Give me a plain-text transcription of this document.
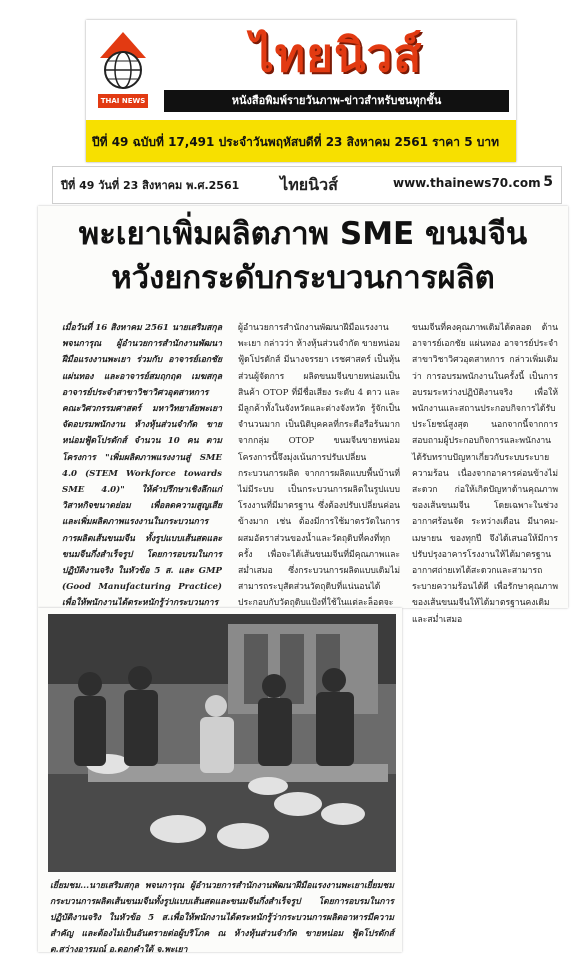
THAI NEWS
ไทยนิวส์
หนังสือพิมพ์รายวันภาพ-ข่าวสำหรับชนทุกชั้น
ปีที่ 49 ฉบับที่ 17,491 ประจำวันพฤหัสบดีที่ 23 สิงหาคม 2561 ราคา 5 บาท
ปีที่ 49 วันที่ 23 สิงหาคม พ.ศ.2561	ไทยนิวส์	www.thainews70.com 5
พะเยาเพิ่มผลิตภาพ SME ขนมจีน
หวังยกระดับกระบวนการผลิต
เมื่อวันที่ 16 สิงหาคม 2561 นายเสริมสกุล พจนการุณ ผู้อำนวยการสำนักงานพัฒนาฝีมือแรงงานพะเยา ร่วมกับ อาจารย์เอกชัย แผ่นทอง และอาจารย์สมฤกฤต เมฆสกุล อาจารย์ประจำสาขาวิชาวิศวอุตสาหการ คณะวิศวกรรมศาสตร์ มหาวิทยาลัยพะเยา จัดอบรมพนักงาน ห้างหุ้นส่วนจำกัด ขายหน่อมฟู้ดโปรดักส์ จำนวน 10 คน ตามโครงการ "เพิ่มผลิตภาพแรงงานสู่ SME 4.0 (STEM Workforce towards SME 4.0)" ให้คำปรึกษาเชิงลึกแก่วิสาหกิจขนาดย่อม เพื่อลดความสูญเสีย และเพิ่มผลิตภาพแรงงานในกระบวนการการผลิตเส้นขนมจีน ทั้งรูปแบบเส้นสดและขนมจีนกึ่งสำเร็จรูป โดยการอบรมในการปฏิบัติงานจริง ในหัวข้อ 5 ส. และ GMP (Good Manufacturing Practice) เพื่อให้พนักงานได้ตระหนักรู้ว่ากระบวนการ
ผู้อำนวยการสำนักงานพัฒนาฝีมือแรงงานพะเยา กล่าวว่า ห้างหุ้นส่วนจำกัด ขายหน่อมฟู้ดโปรดักส์ มีนางจรรยา เรชศาสตร์ เป็นหุ้นส่วนผู้จัดการ ผลิตขนมจีนขายหน่อมเป็นสินค้า OTOP ที่มีชื่อเสียง ระดับ 4 ดาว และมีลูกค้าทั้งในจังหวัดและต่างจังหวัด รู้จักเป็นจำนวนมาก เป็นนิติบุคคลที่กระตือรือร้นมากจากกลุ่ม OTOP ขนมจีนขายหน่อม โครงการนี้จึงมุ่งเน้นการปรับเปลี่ยนกระบวนการผลิต จากการผลิตแบบพื้นบ้านที่ไม่มีระบบ เป็นกระบวนการผลิตในรูปแบบโรงงานที่มีมาตรฐาน ซึ่งต้องปรับเปลี่ยนค่อนข้างมาก เช่น ต้องมีการใช้มาตรวัดในการผสมอัตราส่วนของน้ำและวัตถุดิบที่คงที่ทุกครั้ง เพื่อจะได้เส้นขนมจีนที่มีคุณภาพและสม่ำเสมอ ซึ่งกระบวนการผลิตแบบเดิมไม่สามารถระบุสัดส่วนวัตถุดิบที่แน่นอนได้ ประกอบกับวัตถุดิบแป้งที่ใช้ในแต่ละล็อตจะ
ขนมจีนที่คงคุณภาพเดิมได้ตลอด ด้าน อาจารย์เอกชัย แผ่นทอง อาจารย์ประจำสาขาวิชาวิศวอุตสาหการ กล่าวเพิ่มเติมว่า การอบรมพนักงานในครั้งนี้ เป็นการอบรมระหว่างปฏิบัติงานจริง เพื่อให้พนักงานและสถานประกอบกิจการได้รับประโยชน์สูงสุด นอกจากนี้จากการสอบถามผู้ประกอบกิจการและพนักงาน ได้รับทราบปัญหาเกี่ยวกับระบบระบายความร้อน เนื่องจากอาคารค่อนข้างไม่สะดวก ก่อให้เกิดปัญหาด้านคุณภาพของเส้นขนมจีน โดยเฉพาะในช่วงอากาศร้อนจัด ระหว่างเดือน มีนาคม-เมษายน ของทุกปี จึงได้เสนอให้มีการปรับปรุงอาคารโรงงานให้ได้มาตรฐาน อากาศถ่ายเทได้สะดวกและสามารถระบายความร้อนได้ดี เพื่อรักษาคุณภาพของเส้นขนมจีนให้ได้มาตรฐานคงเดิม และสม่ำเสมอ
เยี่ยมชม...นายเสริมสกุล พจนการุณ ผู้อำนวยการสำนักงานพัฒนาฝีมือแรงงานพะเยาเยี่ยมชมกระบวนการผลิตเส้นขนมจีนทั้งรูปแบบเส้นสดและขนมจีนกึ่งสำเร็จรูป โดยการอบรมในการปฏิบัติงานจริง ในหัวข้อ 5 ส.เพื่อให้พนักงานได้ตระหนักรู้ว่ากระบวนการผลิตอาหารมีความสำคัญ และต้องไม่เป็นอันตรายต่อผู้บริโภค ณ ห้างหุ้นส่วนจำกัด ขายหน่อม ฟู้ดโปรดักส์ ต.สว่างอารมณ์ อ.ดอกคำใต้ จ.พะเยา
